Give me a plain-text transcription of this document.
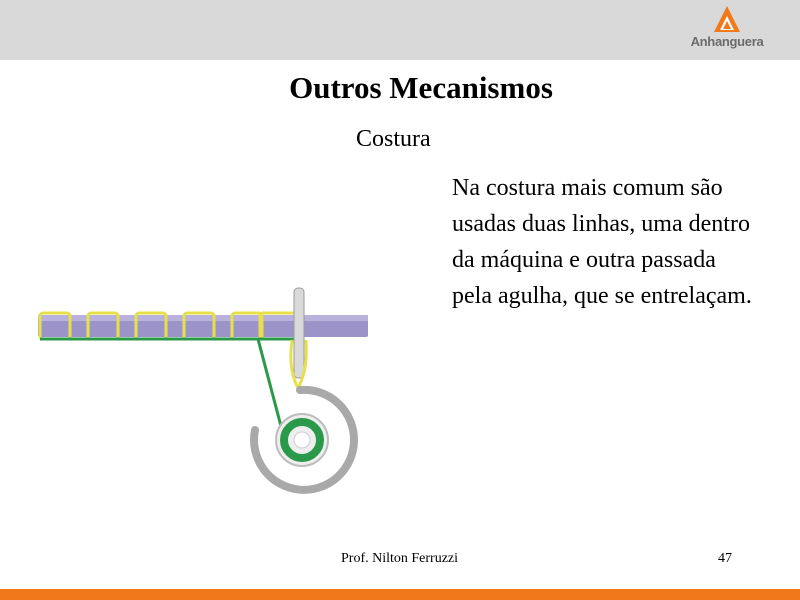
Anhanguera
Outros Mecanismos
Costura

Na costura mais comum são usadas duas linhas, uma dentro da máquina e outra passada pela agulha, que se entrelaçam.

Prof. Nilton Ferruzzi	47
